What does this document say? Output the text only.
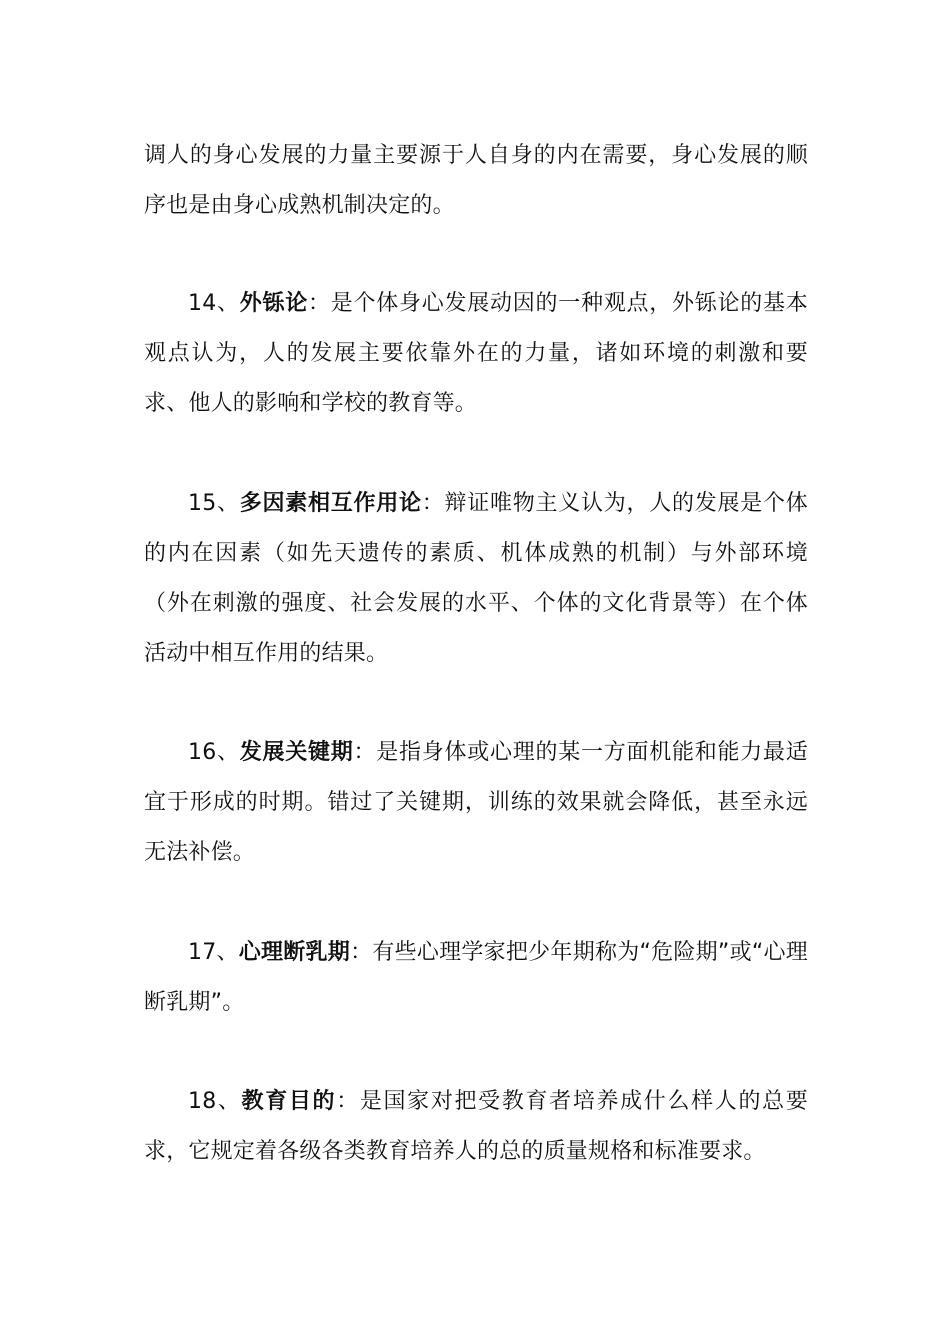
调人的身心发展的力量主要源于人自身的内在需要，身心发展的顺序也是由身心成熟机制决定的。

14、外铄论：是个体身心发展动因的一种观点，外铄论的基本观点认为，人的发展主要依靠外在的力量，诸如环境的刺激和要求、他人的影响和学校的教育等。

15、多因素相互作用论：辩证唯物主义认为，人的发展是个体的内在因素（如先天遗传的素质、机体成熟的机制）与外部环境（外在刺激的强度、社会发展的水平、个体的文化背景等）在个体活动中相互作用的结果。

16、发展关键期：是指身体或心理的某一方面机能和能力最适宜于形成的时期。错过了关键期，训练的效果就会降低，甚至永远无法补偿。

17、心理断乳期：有些心理学家把少年期称为“危险期”或“心理断乳期”。

18、教育目的：是国家对把受教育者培养成什么样人的总要求，它规定着各级各类教育培养人的总的质量规格和标准要求。
